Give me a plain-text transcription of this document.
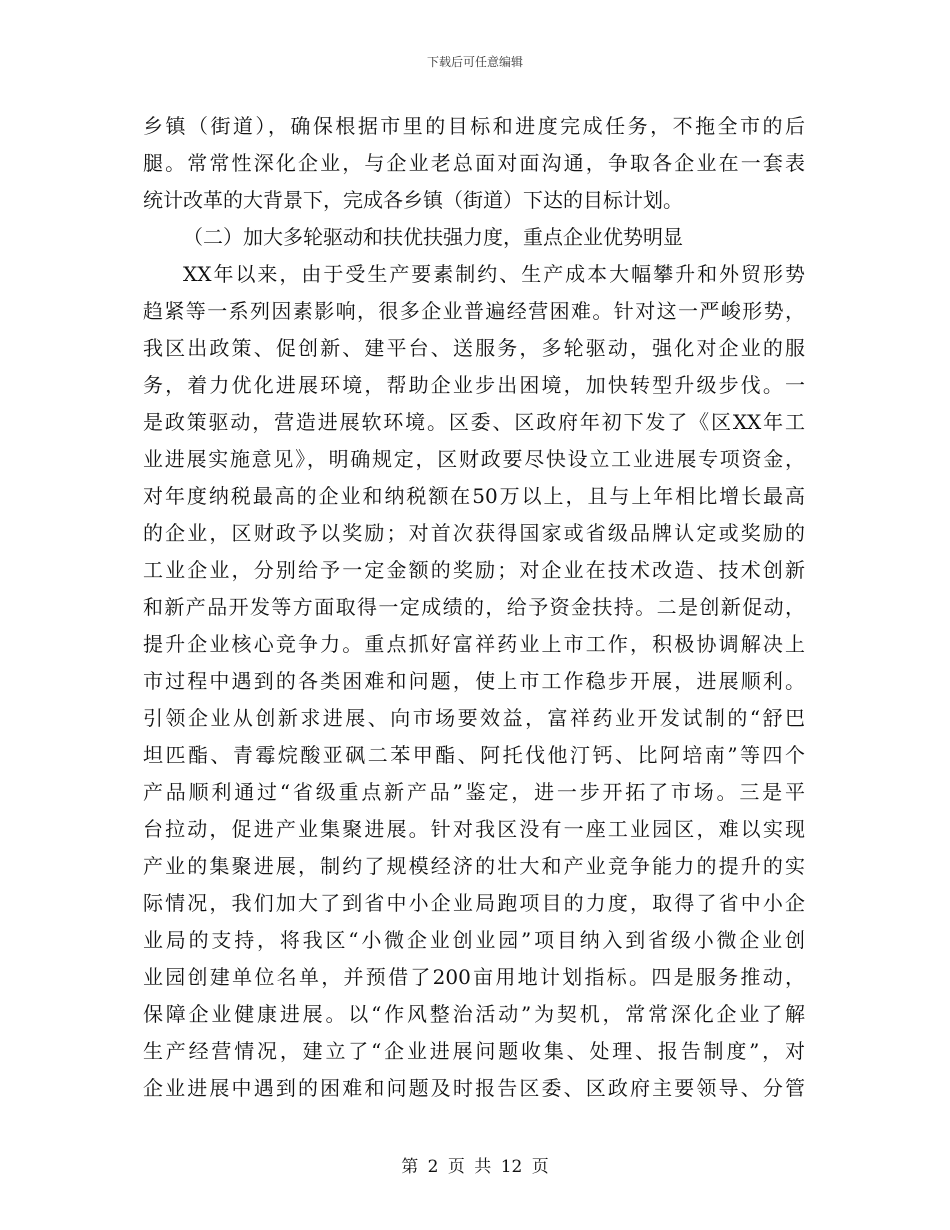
下载后可任意编辑
乡镇（街道），确保根据市里的目标和进度完成任务，不拖全市的后
腿。常常性深化企业，与企业老总面对面沟通，争取各企业在一套表
统计改革的大背景下，完成各乡镇（街道）下达的目标计划。
（二）加大多轮驱动和扶优扶强力度，重点企业优势明显
XX年以来，由于受生产要素制约、生产成本大幅攀升和外贸形势
趋紧等一系列因素影响，很多企业普遍经营困难。针对这一严峻形势，
我区出政策、促创新、建平台、送服务，多轮驱动，强化对企业的服
务，着力优化进展环境，帮助企业步出困境，加快转型升级步伐。一
是政策驱动，营造进展软环境。区委、区政府年初下发了《区XX年工
业进展实施意见》，明确规定，区财政要尽快设立工业进展专项资金，
对年度纳税最高的企业和纳税额在50万以上，且与上年相比增长最高
的企业，区财政予以奖励；对首次获得国家或省级品牌认定或奖励的
工业企业，分别给予一定金额的奖励；对企业在技术改造、技术创新
和新产品开发等方面取得一定成绩的，给予资金扶持。二是创新促动，
提升企业核心竞争力。重点抓好富祥药业上市工作，积极协调解决上
市过程中遇到的各类困难和问题，使上市工作稳步开展，进展顺利。
引领企业从创新求进展、向市场要效益，富祥药业开发试制的“舒巴
坦匹酯、青霉烷酸亚砜二苯甲酯、阿托伐他汀钙、比阿培南”等四个
产品顺利通过“省级重点新产品”鉴定，进一步开拓了市场。三是平
台拉动，促进产业集聚进展。针对我区没有一座工业园区，难以实现
产业的集聚进展，制约了规模经济的壮大和产业竞争能力的提升的实
际情况，我们加大了到省中小企业局跑项目的力度，取得了省中小企
业局的支持，将我区“小微企业创业园”项目纳入到省级小微企业创
业园创建单位名单，并预借了200亩用地计划指标。四是服务推动，
保障企业健康进展。以“作风整治活动”为契机，常常深化企业了解
生产经营情况，建立了“企业进展问题收集、处理、报告制度”，对
企业进展中遇到的困难和问题及时报告区委、区政府主要领导、分管
第 2 页 共 12 页
